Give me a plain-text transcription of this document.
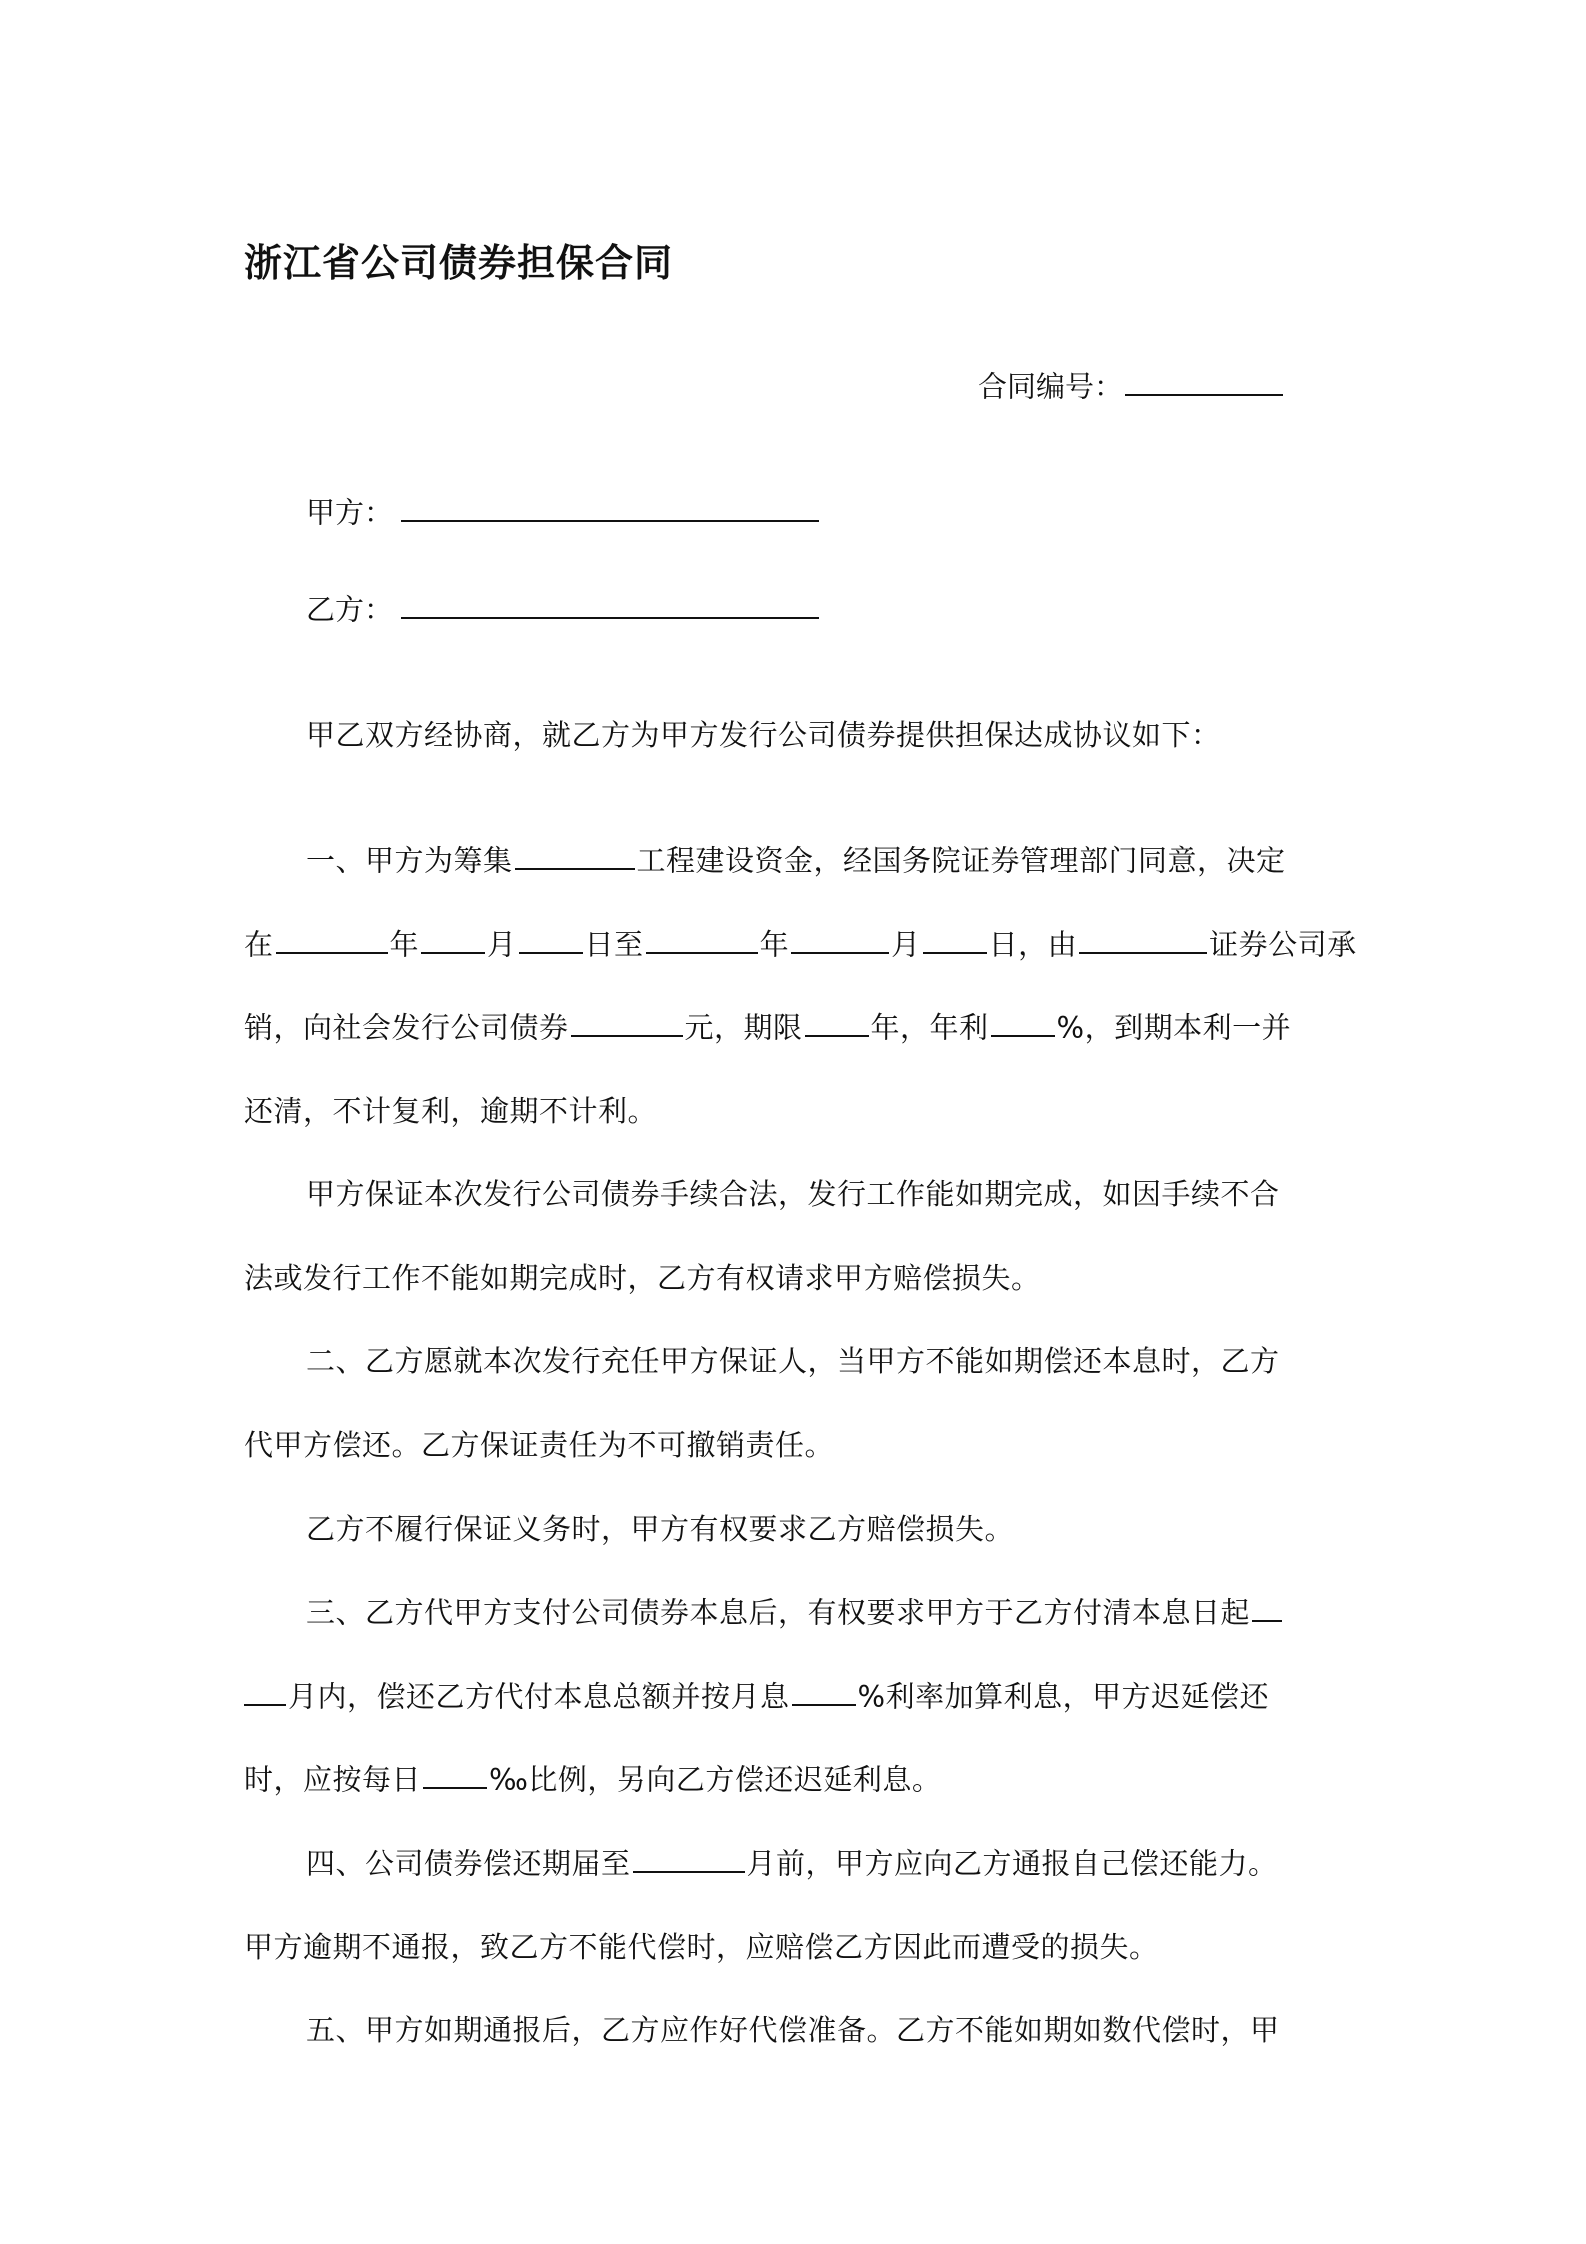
浙江省公司债券担保合同
合同编号：
甲方：
乙方：
甲乙双方经协商，就乙方为甲方发行公司债券提供担保达成协议如下：
一、甲方为筹集	工程建设资金，经国务院证券管理部门同意，决定
在	年 月 日至	年	月 日，由	证券公司承
销，向社会发行公司债券	元，期限 年，年利 %，到期本利一并
还清，不计复利，逾期不计利。
甲方保证本次发行公司债券手续合法，发行工作能如期完成，如因手续不合
法或发行工作不能如期完成时，乙方有权请求甲方赔偿损失。
二、乙方愿就本次发行充任甲方保证人，当甲方不能如期偿还本息时，乙方
代甲方偿还。乙方保证责任为不可撤销责任。
乙方不履行保证义务时，甲方有权要求乙方赔偿损失。
三、乙方代甲方支付公司债券本息后，有权要求甲方于乙方付清本息日起
月内，偿还乙方代付本息总额并按月息 %利率加算利息，甲方迟延偿还
时，应按每日 ‰比例，另向乙方偿还迟延利息。
四、公司债券偿还期届至	月前，甲方应向乙方通报自己偿还能力。
甲方逾期不通报，致乙方不能代偿时，应赔偿乙方因此而遭受的损失。
五、甲方如期通报后，乙方应作好代偿准备。乙方不能如期如数代偿时，甲
